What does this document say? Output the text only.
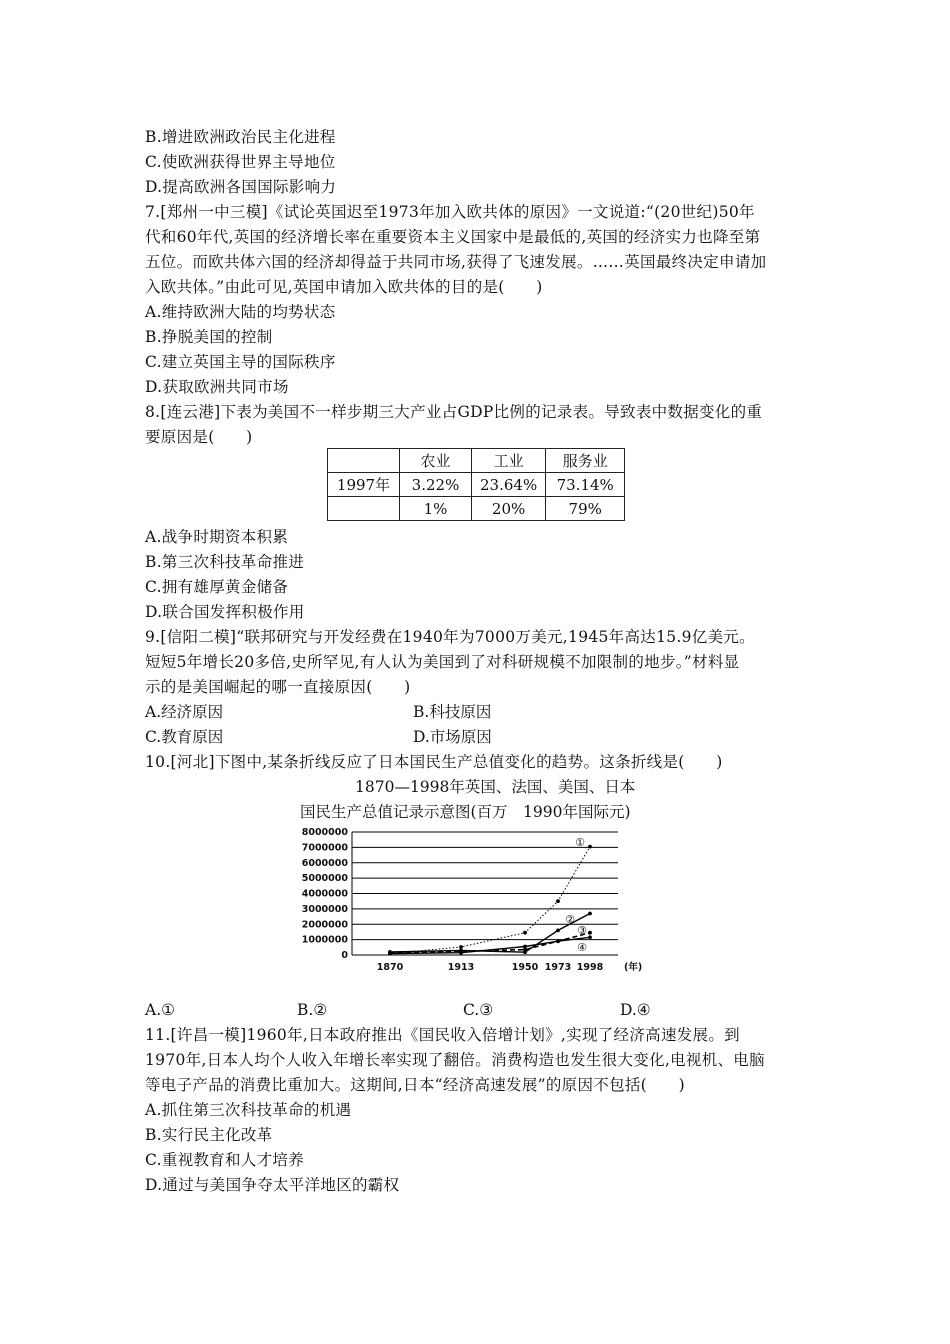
B.增进欧洲政治民主化进程
C.使欧洲获得世界主导地位
D.提高欧洲各国国际影响力
7.[郑州一中三模]《试论英国迟至1973年加入欧共体的原因》一文说道:“(20世纪)50年
代和60年代,英国的经济增长率在重要资本主义国家中是最低的,英国的经济实力也降至第
五位。而欧共体六国的经济却得益于共同市场,获得了飞速发展。……英国最终决定申请加
入欧共体。”由此可见,英国申请加入欧共体的目的是(　　)
A.维持欧洲大陆的均势状态
B.挣脱美国的控制
C.建立英国主导的国际秩序
D.获取欧洲共同市场
8.[连云港]下表为美国不一样步期三大产业占GDP比例的记录表。导致表中数据变化的重
要原因是(　　)
	农业	工业	服务业
1997年	3.22%	23.64%	73.14%
	1%	20%	79%
A.战争时期资本积累
B.第三次科技革命推进
C.拥有雄厚黄金储备
D.联合国发挥积极作用
9.[信阳二模]“联邦研究与开发经费在1940年为7000万美元,1945年高达15.9亿美元。
短短5年增长20多倍,史所罕见,有人认为美国到了对科研规模不加限制的地步。”材料显
示的是美国崛起的哪一直接原因(　　)
A.经济原因	B.科技原因
C.教育原因	D.市场原因
10.[河北]下图中,某条折线反应了日本国民生产总值变化的趋势。这条折线是(　　)
1870—1998年英国、法国、美国、日本
国民生产总值记录示意图(百万　1990年国际元)
0
1000000
2000000
3000000
4000000
5000000
6000000
7000000
8000000
1870	1913	1950 1973 1998 (年)
①
②
③
④
A.①	B.②	C.③	D.④
11.[许昌一模]1960年,日本政府推出《国民收入倍增计划》,实现了经济高速发展。到
1970年,日本人均个人收入年增长率实现了翻倍。消费构造也发生很大变化,电视机、电脑
等电子产品的消费比重加大。这期间,日本“经济高速发展”的原因不包括(　　)
A.抓住第三次科技革命的机遇
B.实行民主化改革
C.重视教育和人才培养
D.通过与美国争夺太平洋地区的霸权
